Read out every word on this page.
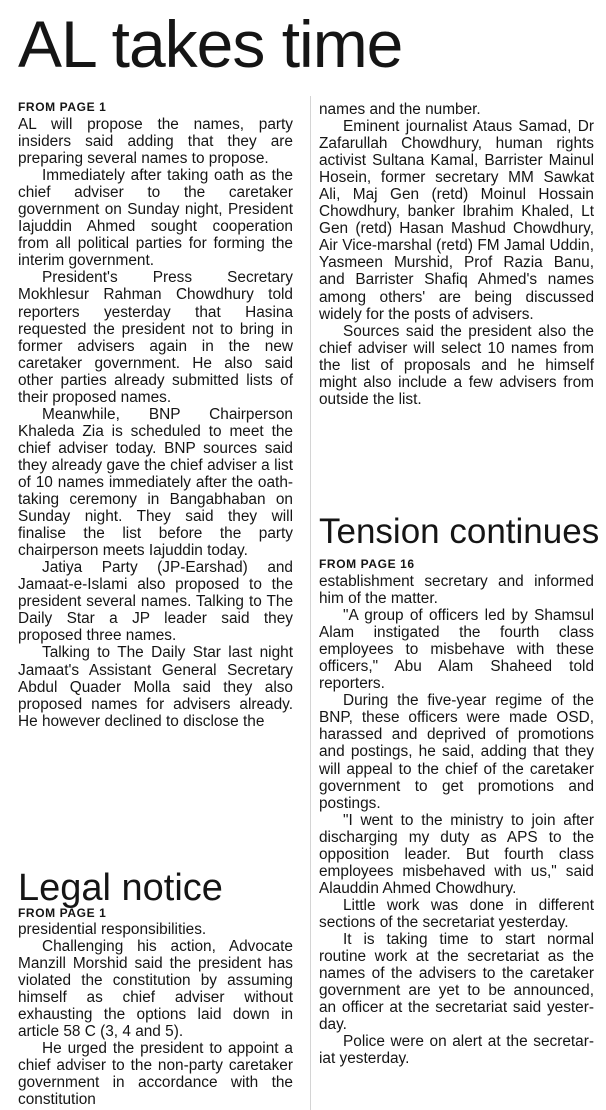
AL takes time
FROM PAGE 1

AL will propose the names, party insiders said adding that they are preparing several names to propose.

Immediately after taking oath as the chief adviser to the caretaker government on Sunday night, President Iajuddin Ahmed sought cooperation from all political parties for forming the interim government.

President's Press Secretary Mokhlesur Rahman Chowdhury told reporters yesterday that Hasina requested the president not to bring in former advisers again in the new caretaker government. He also said other parties already submitted lists of their proposed names.

Meanwhile, BNP Chairperson Khaleda Zia is scheduled to meet the chief adviser today. BNP sources said they already gave the chief adviser a list of 10 names immediately after the oath-taking ceremony in Bangabhaban on Sunday night. They said they will finalise the list before the party chairperson meets Iajuddin today.

Jatiya Party (JP-Earshad) and Jamaat-e-Islami also proposed to the president several names. Talking to The Daily Star a JP leader said they proposed three names.

Talking to The Daily Star last night Jamaat's Assistant General Secretary Abdul Quader Molla said they also proposed names for advisers already. He however declined to disclose the

names and the number.

Eminent journalist Ataus Samad, Dr Zafarullah Chowdhury, human rights activist Sultana Kamal, Barrister Mainul Hosein, former secretary MM Sawkat Ali, Maj Gen (retd) Moinul Hossain Chowdhury, banker Ibrahim Khaled, Lt Gen (retd) Hasan Mashud Chowdhury, Air Vice-marshal (retd) FM Jamal Uddin, Yasmeen Murshid, Prof Razia Banu, and Barrister Shafiq Ahmed's names among others' are being discussed widely for the posts of advisers.

Sources said the president also the chief adviser will select 10 names from the list of proposals and he himself might also include a few advisers from outside the list.

Tension continues
FROM PAGE 16

establishment secretary and informed him of the matter.

"A group of officers led by Shamsul Alam instigated the fourth class employees to misbehave with these officers," Abu Alam Shaheed told reporters.

During the five-year regime of the BNP, these officers were made OSD, harassed and deprived of promotions and postings, he said, adding that they will appeal to the chief of the caretaker government to get promotions and postings.

"I went to the ministry to join after discharging my duty as APS to the opposition leader. But fourth class employees misbehaved with us," said Alauddin Ahmed Chowdhury.

Little work was done in different sections of the secretariat yesterday.

It is taking time to start normal routine work at the secretariat as the names of the advisers to the caretaker government are yet to be announced, an officer at the secretariat said yester-day.

Police were on alert at the secretar-iat yesterday.

Legal notice
FROM PAGE 1

presidential responsibilities.

Challenging his action, Advocate Manzill Morshid said the president has violated the constitution by assuming himself as chief adviser without exhausting the options laid down in article 58 C (3, 4 and 5).

He urged the president to appoint a chief adviser to the non-party caretaker government in accordance with the constitution
